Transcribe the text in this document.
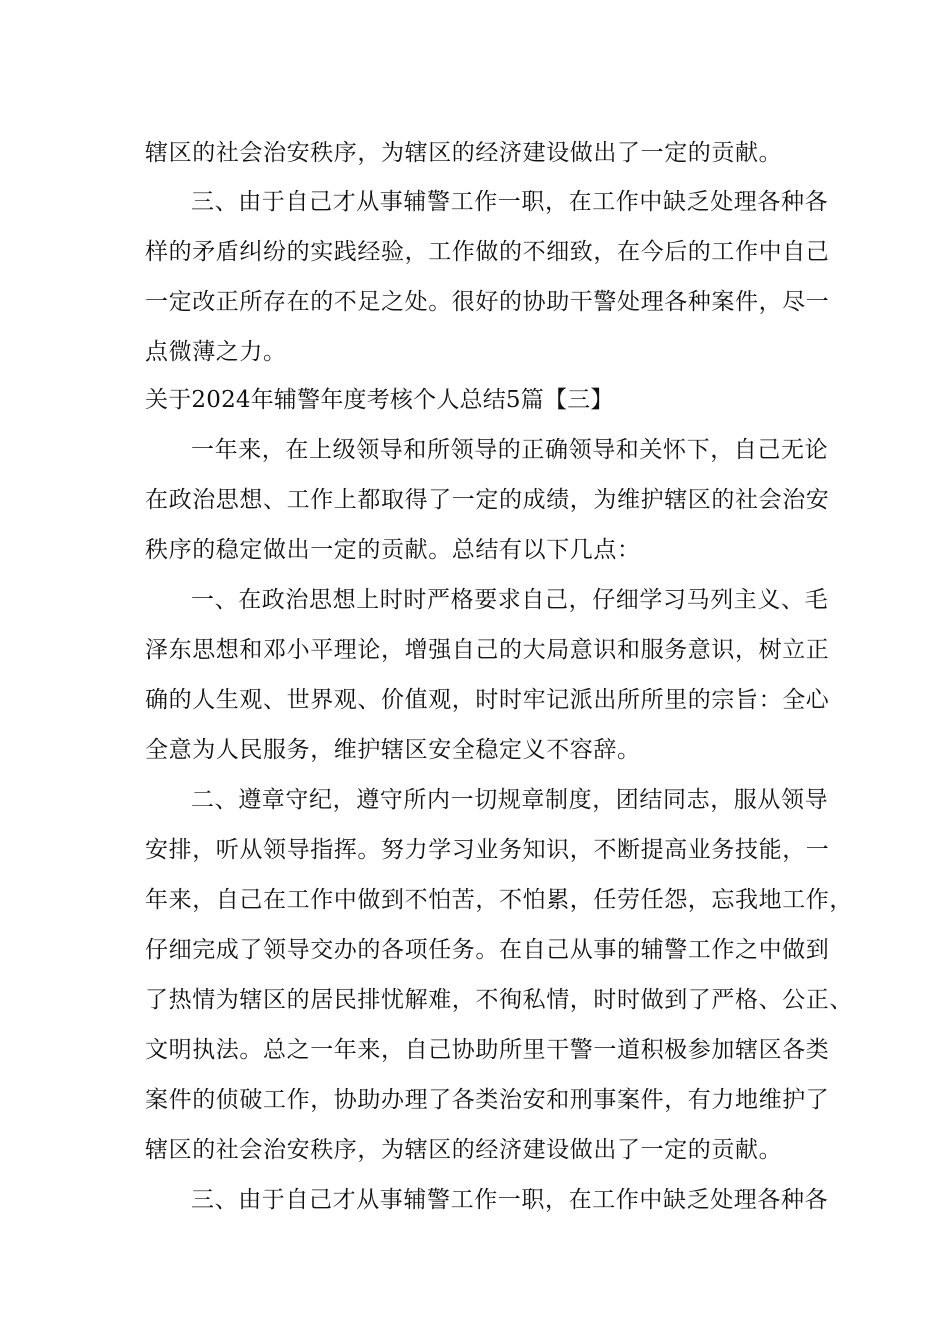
辖区的社会治安秩序，为辖区的经济建设做出了一定的贡献。
三、由于自己才从事辅警工作一职，在工作中缺乏处理各种各
样的矛盾纠纷的实践经验，工作做的不细致，在今后的工作中自己
一定改正所存在的不足之处。很好的协助干警处理各种案件，尽一
点微薄之力。
关于2024年辅警年度考核个人总结5篇【三】
一年来，在上级领导和所领导的正确领导和关怀下，自己无论
在政治思想、工作上都取得了一定的成绩，为维护辖区的社会治安
秩序的稳定做出一定的贡献。总结有以下几点：
一、在政治思想上时时严格要求自己，仔细学习马列主义、毛
泽东思想和邓小平理论，增强自己的大局意识和服务意识，树立正
确的人生观、世界观、价值观，时时牢记派出所所里的宗旨：全心
全意为人民服务，维护辖区安全稳定义不容辞。
二、遵章守纪，遵守所内一切规章制度，团结同志，服从领导
安排，听从领导指挥。努力学习业务知识，不断提高业务技能，一
年来，自己在工作中做到不怕苦，不怕累，任劳任怨，忘我地工作，
仔细完成了领导交办的各项任务。在自己从事的辅警工作之中做到
了热情为辖区的居民排忧解难，不徇私情，时时做到了严格、公正、
文明执法。总之一年来，自己协助所里干警一道积极参加辖区各类
案件的侦破工作，协助办理了各类治安和刑事案件，有力地维护了
辖区的社会治安秩序，为辖区的经济建设做出了一定的贡献。
三、由于自己才从事辅警工作一职，在工作中缺乏处理各种各
